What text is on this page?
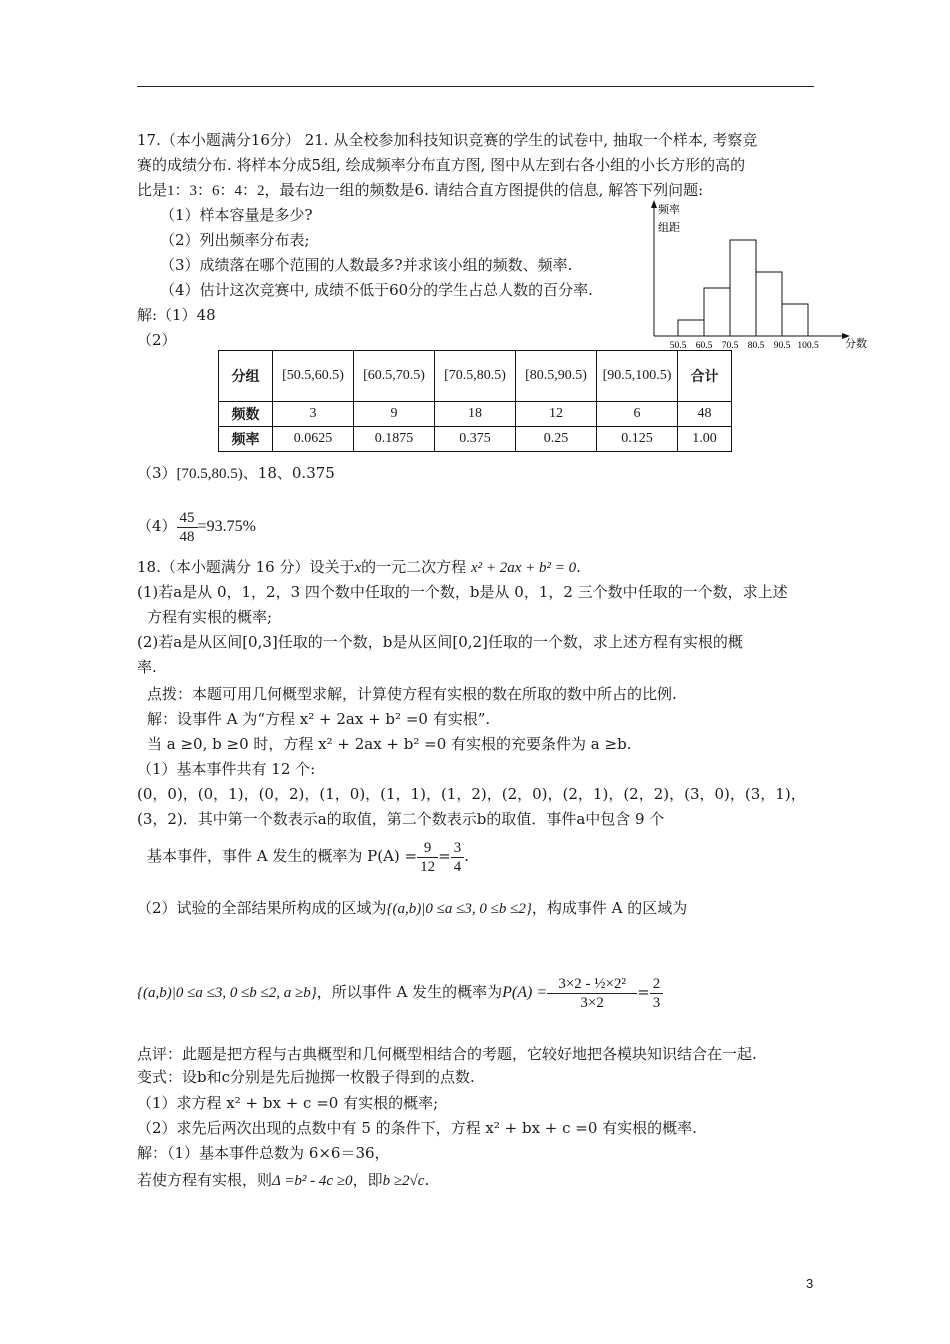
17.（本小题满分16分） 21. 从全校参加科技知识竞赛的学生的试卷中, 抽取一个样本, 考察竞
赛的成绩分布. 将样本分成5组, 绘成频率分布直方图, 图中从左到右各小组的小长方形的高的
比是1：3：6：4：2，最右边一组的频数是6. 请结合直方图提供的信息, 解答下列问题:
（1）样本容量是多少?
（2）列出频率分布表;
（3）成绩落在哪个范围的人数最多?并求该小组的频数、频率.
（4）估计这次竞赛中, 成绩不低于60分的学生占总人数的百分率.
解:（1）48
（2）
频率
组距
分数
50.5 60.5 70.5 80.5 90.5 100.5
分组	[50.5,60.5)	[60.5,70.5)	[70.5,80.5)	[80.5,90.5)	[90.5,100.5)	合计
频数	3	9	18	12	6	48
频率	0.0625	0.1875	0.375	0.25	0.125	1.00
（3）[70.5,80.5)、18、0.375
$(4) \frac{45}{48} =93.75\%$
18.（本小题满分 16 分）设关于x的一元二次方程 x² + 2ax + b² = 0.
(1)若a是从 0，1，2，3 四个数中任取的一个数，b是从 0，1，2 三个数中任取的一个数，求上述
方程有实根的概率;
(2)若a是从区间[0,3]任取的一个数，b是从区间[0,2]任取的一个数，求上述方程有实根的概
率.
点拨：本题可用几何概型求解，计算使方程有实根的数在所取的数中所占的比例.
解：设事件 A 为“方程 x² + 2ax + b² =0 有实根”.
当 a ≥0, b ≥0 时，方程 x² + 2ax + b² =0 有实根的充要条件为 a ≥b.
（1）基本事件共有 12 个:
(0，0)，(0，1)，(0，2)，(1，0)，(1，1)，(1，2)，(2，0)，(2，1)，(2，2)，(3，0)，(3，1)，
(3，2)．其中第一个数表示a的取值，第二个数表示b的取值．事件a中包含 9 个
基本事件，事件 A 发生的概率为 $P(A) = \frac{9}{12} = \frac{3}{4}$ .
（2）试验的全部结果所构成的区域为{(a,b)|0 ≤a ≤3, 0 ≤b ≤2}，构成事件 A 的区域为
{(a,b)|0 ≤a ≤3, 0 ≤b ≤2, a ≥b}，所以事件 A 发生的概率为$P(A) = \frac{\text{3×2 - ½×2²}}{3\times 2} = \frac{2}{3}$
点评：此题是把方程与古典概型和几何概型相结合的考题，它较好地把各模块知识结合在一起.
变式：设b和c分别是先后抛掷一枚骰子得到的点数.
（1）求方程 x² + bx + c =0 有实根的概率;
（2）求先后两次出现的点数中有 5 的条件下，方程 x² + bx + c =0 有实根的概率.
解：（1）基本事件总数为 6×6＝36，
若使方程有实根，则Δ =b² - 4c ≥0，即b ≥2√c.
3
